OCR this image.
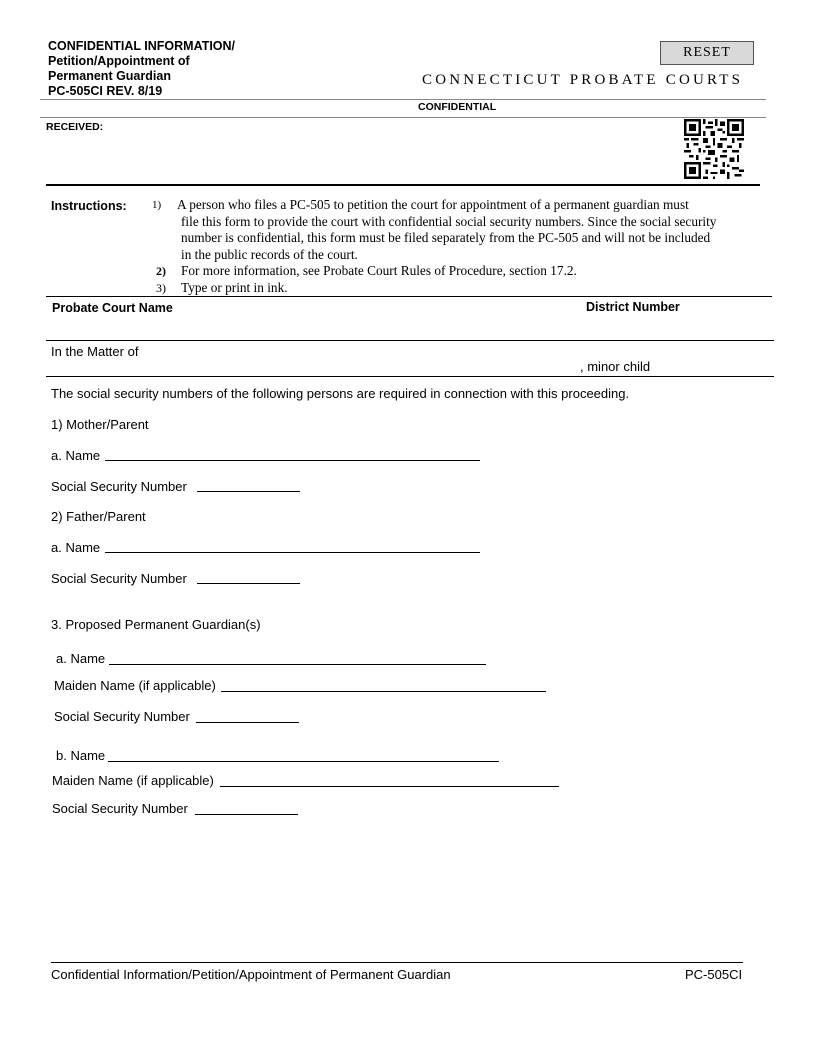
CONFIDENTIAL INFORMATION/
Petition/Appointment of
Permanent Guardian
PC-505CI REV. 8/19
RESET
CONNECTICUT PROBATE COURTS
CONFIDENTIAL
RECEIVED:
Instructions: 1) A person who files a PC-505 to petition the court for appointment of a permanent guardian must
file this form to provide the court with confidential social security numbers. Since the social security
number is confidential, this form must be filed separately from the PC-505 and will not be included
in the public records of the court.
2) For more information, see Probate Court Rules of Procedure, section 17.2.
3) Type or print in ink.
Probate Court Name	District Number
In the Matter of
, minor child
The social security numbers of the following persons are required in connection with this proceeding.
1) Mother/Parent
a. Name
Social Security Number
2) Father/Parent
a. Name
Social Security Number
3. Proposed Permanent Guardian(s)
a. Name
Maiden Name (if applicable)
Social Security Number
b. Name
Maiden Name (if applicable)
Social Security Number
Confidential Information/Petition/Appointment of Permanent Guardian	PC-505CI
